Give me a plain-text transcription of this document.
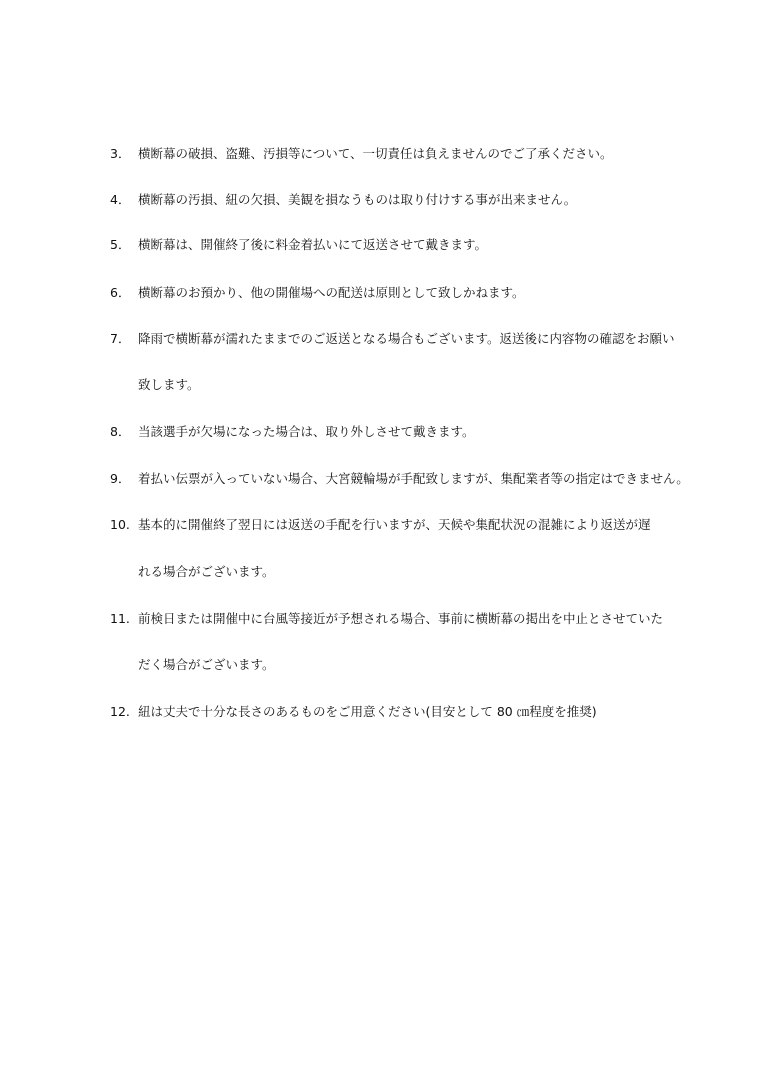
3． 横断幕の破損、盗難、汚損等について、一切責任は負えませんのでご了承ください。
4． 横断幕の汚損、紐の欠損、美観を損なうものは取り付けする事が出来ません。
5． 横断幕は、開催終了後に料金着払いにて返送させて戴きます。
6． 横断幕のお預かり、他の開催場への配送は原則として致しかねます。
7． 降雨で横断幕が濡れたままでのご返送となる場合もございます。返送後に内容物の確認をお願い
致します。
8． 当該選手が欠場になった場合は、取り外しさせて戴きます。
9． 着払い伝票が入っていない場合、大宮競輪場が手配致しますが、集配業者等の指定はできません。
10. 基本的に開催終了翌日には返送の手配を行いますが、天候や集配状況の混雑により返送が遅
れる場合がございます。
11. 前検日または開催中に台風等接近が予想される場合、事前に横断幕の掲出を中止とさせていた
だく場合がございます。
12. 紐は丈夫で十分な長さのあるものをご用意ください(目安として 80 ㎝程度を推奨)
